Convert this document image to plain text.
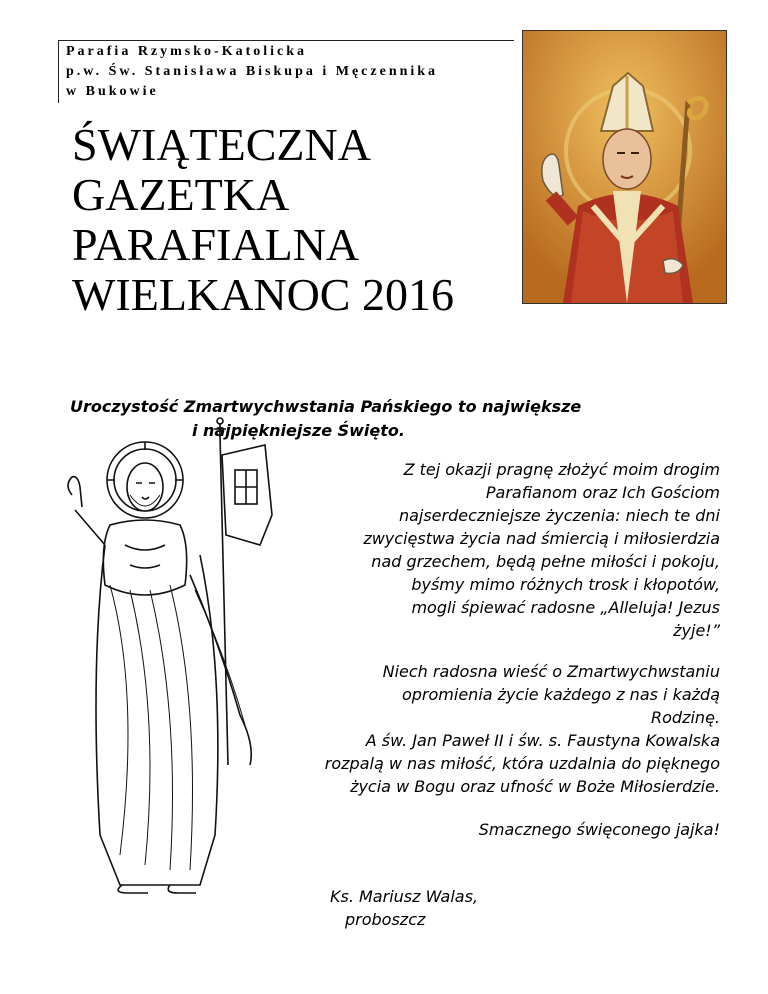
Parafia Rzymsko-Katolicka
p.w. Św. Stanisława Biskupa i Męczennika
w Bukowie
ŚWIĄTECZNA
GAZETKA
PARAFIALNA
WIELKANOC 2016
Uroczystość Zmartwychwstania Pańskiego to największe
i najpiękniejsze Święto.
Z tej okazji pragnę złożyć moim drogim
Parafianom oraz Ich Gościom
najserdeczniejsze życzenia: niech te dni
zwycięstwa życia nad śmiercią i miłosierdzia
nad grzechem, będą pełne miłości i pokoju,
byśmy mimo różnych trosk i kłopotów,
mogli śpiewać radosne „Alleluja! Jezus
żyje!”
Niech radosna wieść o Zmartwychwstaniu
opromienia życie każdego z nas i każdą
Rodzinę.
A św. Jan Paweł II i św. s. Faustyna Kowalska
rozpalą w nas miłość, która uzdalnia do pięknego
życia w Bogu oraz ufność w Boże Miłosierdzie.
Smacznego święconego jajka!
Ks. Mariusz Walas,
proboszcz
